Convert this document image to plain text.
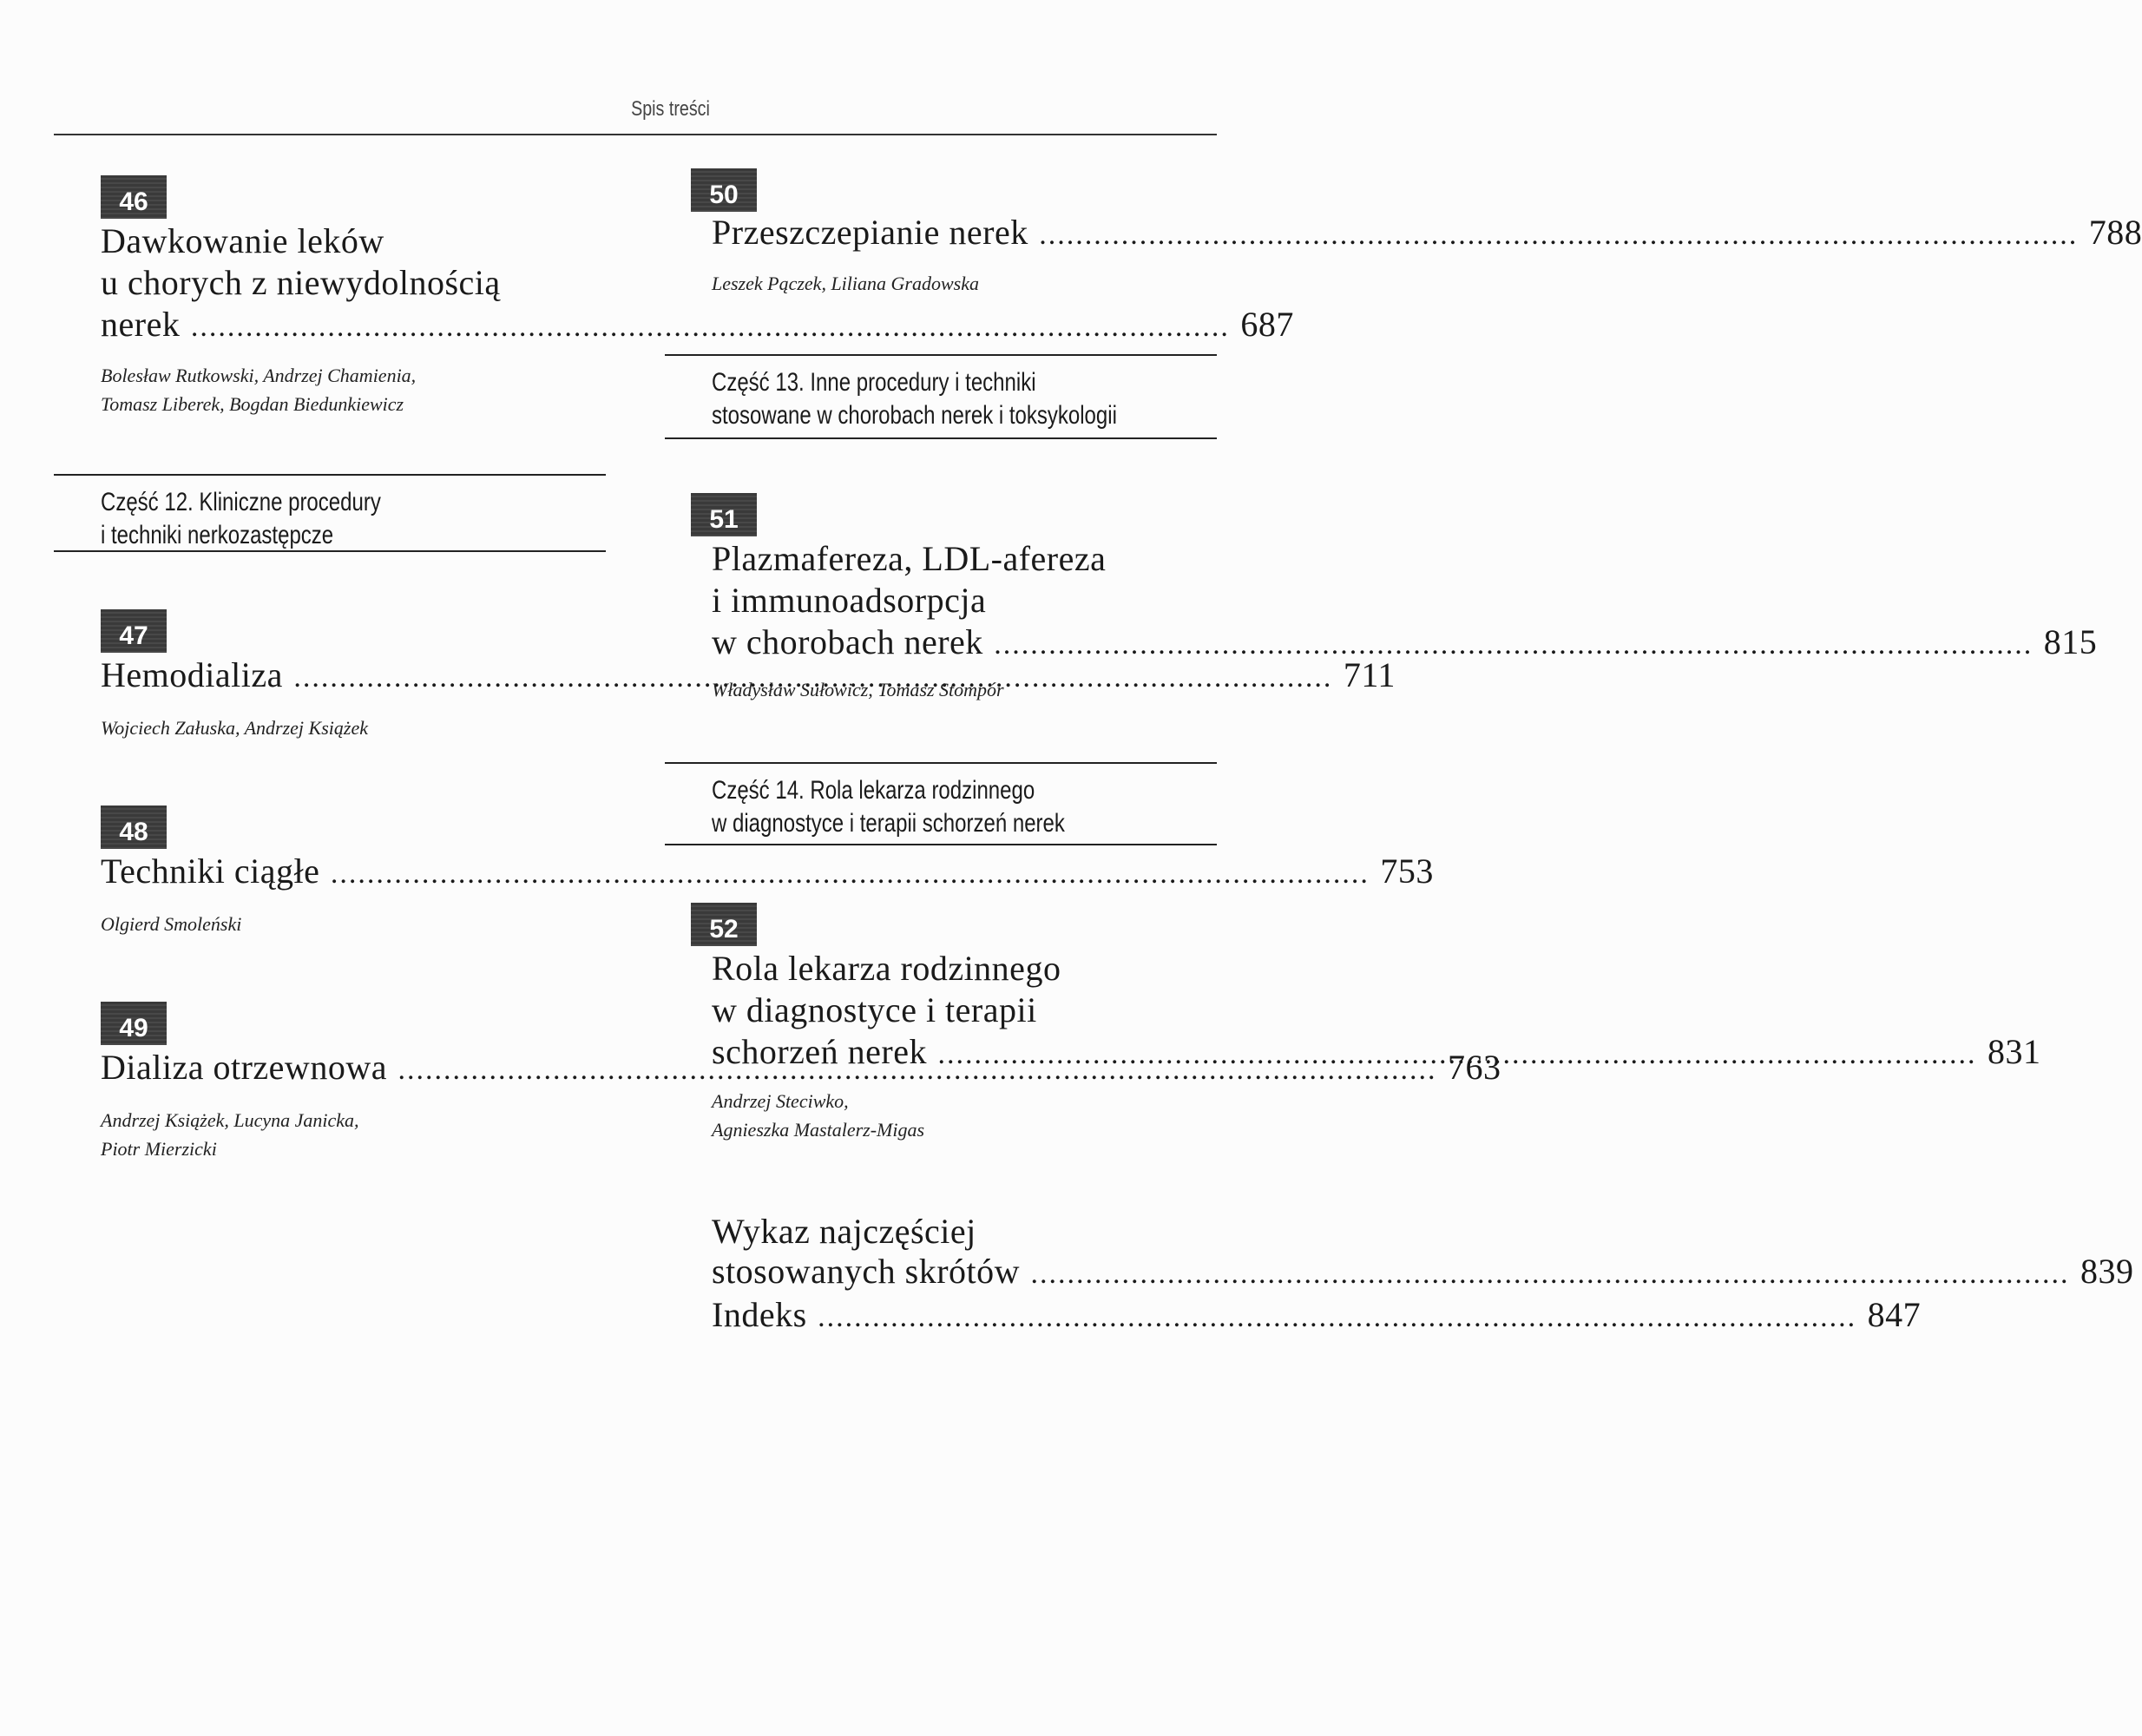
Spis treści
46
Dawkowanie leków
u chorych z niewydolnością
nerek .....	687
Bolesław Rutkowski, Andrzej Chamienia,
Tomasz Liberek, Bogdan Biedunkiewicz
Część 12. Kliniczne procedury
i techniki nerkozastępcze
47
Hemodializa .....	711
Wojciech Załuska, Andrzej Książek
48
Techniki ciągłe .....	753
Olgierd Smoleński
49
Dializa otrzewnowa .....	763
Andrzej Książek, Lucyna Janicka,
Piotr Mierzicki
50
Przeszczepianie nerek .....	788
Leszek Pączek, Liliana Gradowska
Część 13. Inne procedury i techniki
stosowane w chorobach nerek i toksykologii
51
Plazmafereza, LDL-afereza
i immunoadsorpcja
w chorobach nerek .....	815
Władysław Sułowicz, Tomasz Stompór
Część 14. Rola lekarza rodzinnego
w diagnostyce i terapii schorzeń nerek
52
Rola lekarza rodzinnego
w diagnostyce i terapii
schorzeń nerek .....	831
Andrzej Steciwko,
Agnieszka Mastalerz-Migas
Wykaz najczęściej
stosowanych skrótów .....	839
Indeks .....	847
